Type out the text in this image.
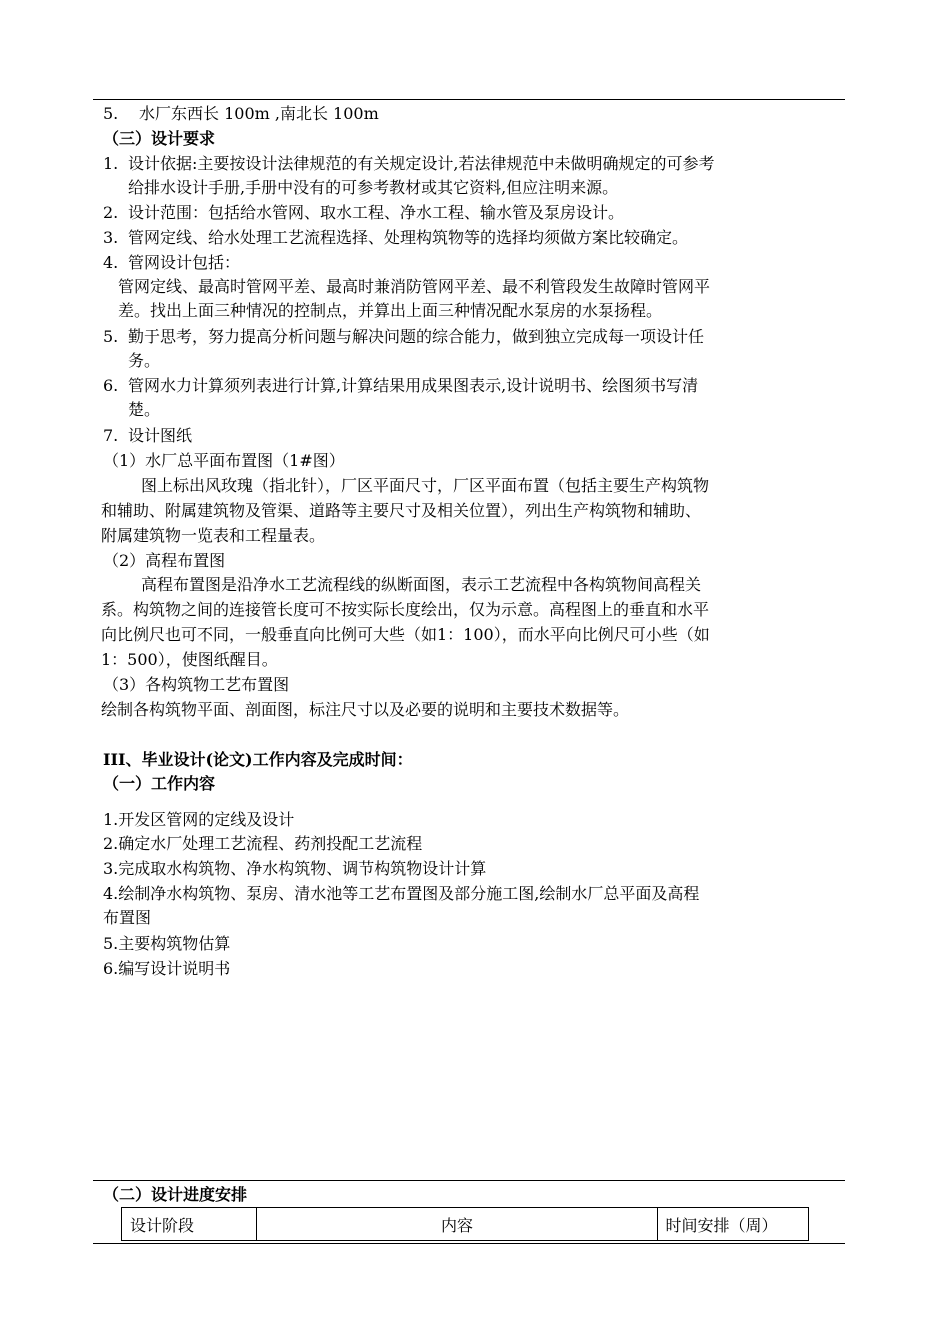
5. 水厂东西长 100m ,南北长 100m
（三）设计要求
1. 设计依据:主要按设计法律规范的有关规定设计,若法律规范中未做明确规定的可参考
给排水设计手册,手册中没有的可参考教材或其它资料,但应注明来源。
2. 设计范围：包括给水管网、取水工程、净水工程、输水管及泵房设计。
3. 管网定线、给水处理工艺流程选择、处理构筑物等的选择均须做方案比较确定。
4. 管网设计包括：
管网定线、最高时管网平差、最高时兼消防管网平差、最不利管段发生故障时管网平
差。找出上面三种情况的控制点，并算出上面三种情况配水泵房的水泵扬程。
5. 勤于思考，努力提高分析问题与解决问题的综合能力，做到独立完成每一项设计任
务。
6. 管网水力计算须列表进行计算,计算结果用成果图表示,设计说明书、绘图须书写清
楚。
7. 设计图纸
（1）水厂总平面布置图（1#图）
图上标出风玫瑰（指北针），厂区平面尺寸，厂区平面布置（包括主要生产构筑物
和辅助、附属建筑物及管渠、道路等主要尺寸及相关位置），列出生产构筑物和辅助、
附属建筑物一览表和工程量表。
（2）高程布置图
高程布置图是沿净水工艺流程线的纵断面图，表示工艺流程中各构筑物间高程关
系。构筑物之间的连接管长度可不按实际长度绘出，仅为示意。高程图上的垂直和水平
向比例尺也可不同，一般垂直向比例可大些（如1：100），而水平向比例尺可小些（如
1：500），使图纸醒目。
（3）各构筑物工艺布置图
绘制各构筑物平面、剖面图，标注尺寸以及必要的说明和主要技术数据等。
III、毕业设计(论文)工作内容及完成时间：
（一）工作内容
1.开发区管网的定线及设计
2.确定水厂处理工艺流程、药剂投配工艺流程
3.完成取水构筑物、净水构筑物、调节构筑物设计计算
4.绘制净水构筑物、泵房、清水池等工艺布置图及部分施工图,绘制水厂总平面及高程
布置图
5.主要构筑物估算
6.编写设计说明书
（二）设计进度安排
设计阶段	内容	时间安排（周）
